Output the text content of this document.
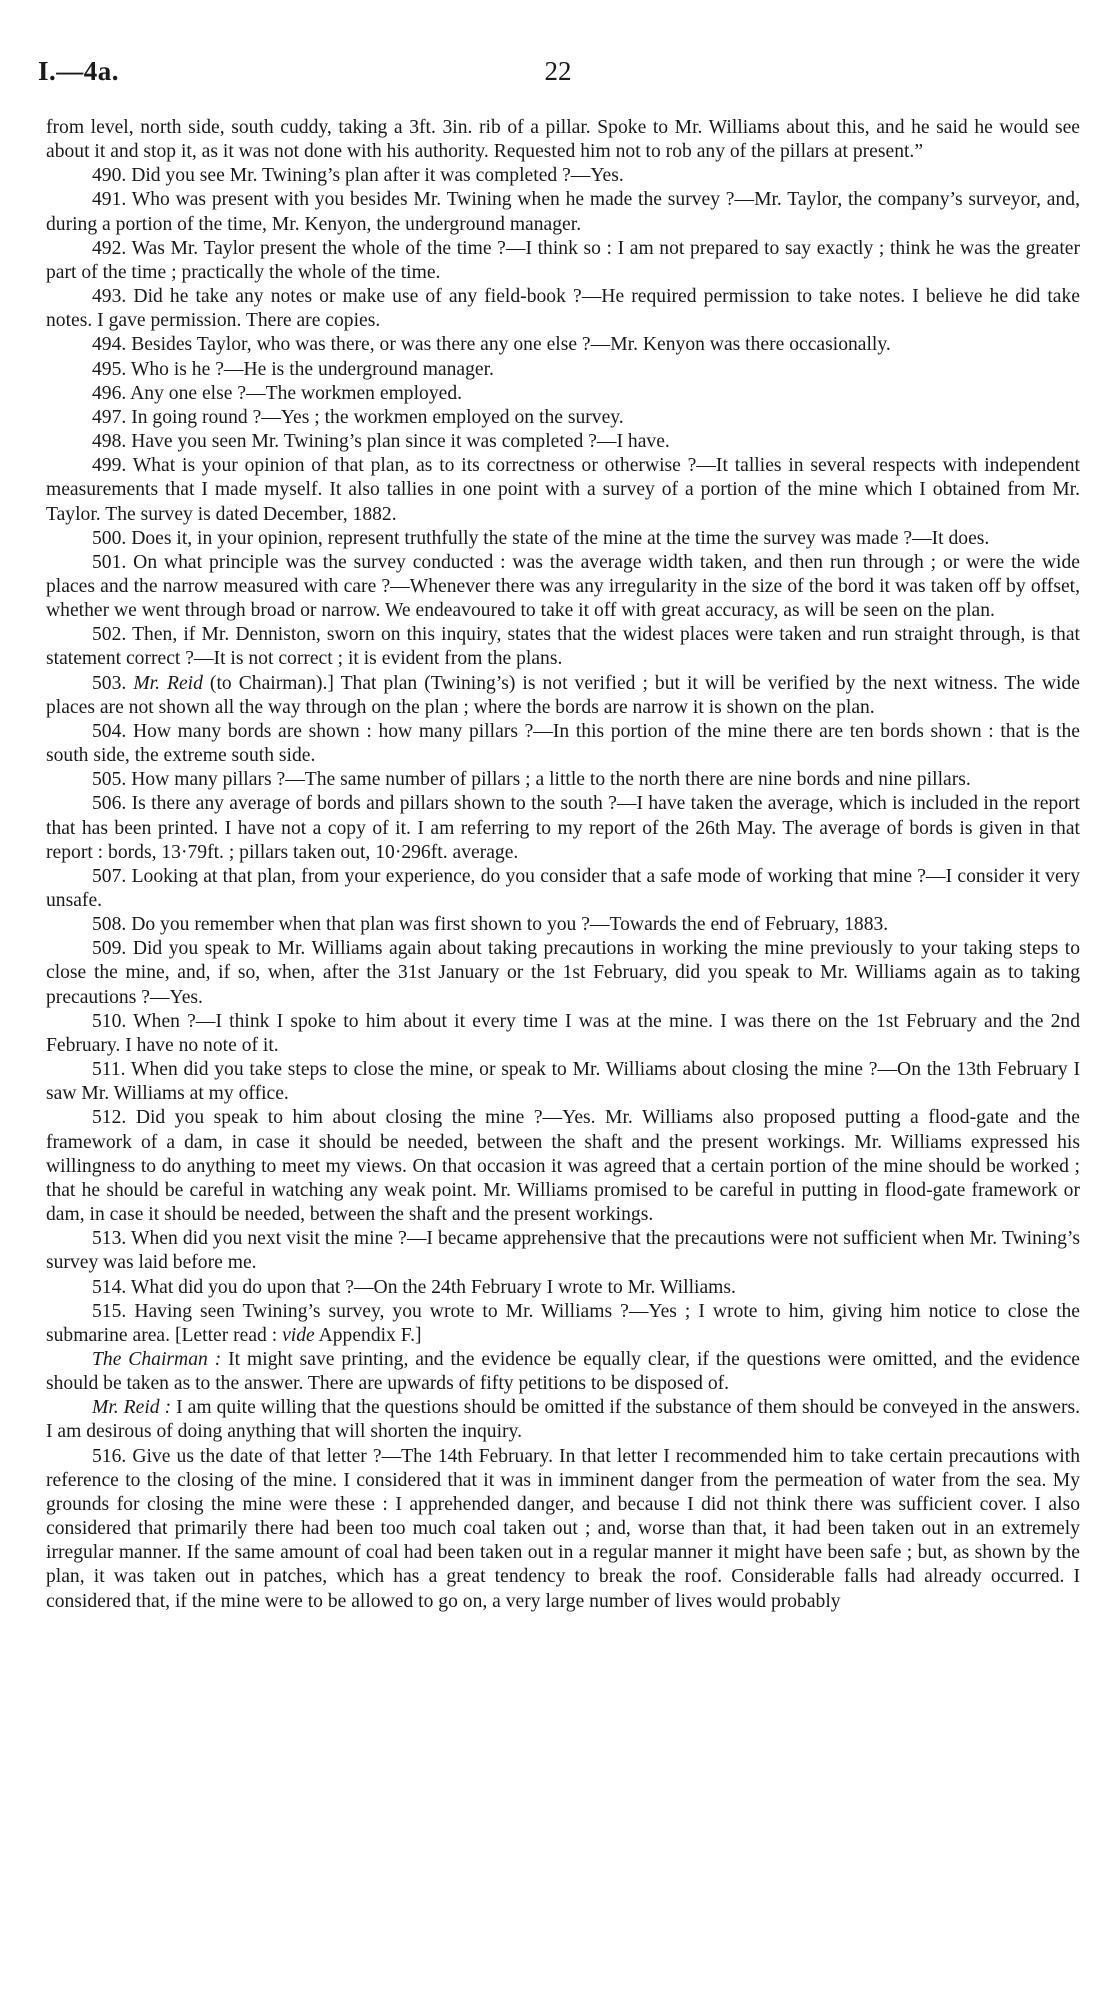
I.—4a.	22

from level, north side, south cuddy, taking a 3ft. 3in. rib of a pillar. Spoke to Mr. Williams about this, and he said he would see about it and stop it, as it was not done with his authority. Requested him not to rob any of the pillars at present.”

490. Did you see Mr. Twining’s plan after it was completed ?—Yes.

491. Who was present with you besides Mr. Twining when he made the survey ?—Mr. Taylor, the company’s surveyor, and, during a portion of the time, Mr. Kenyon, the underground manager.

492. Was Mr. Taylor present the whole of the time ?—I think so : I am not prepared to say exactly ; think he was the greater part of the time ; practically the whole of the time.

493. Did he take any notes or make use of any field-book ?—He required permission to take notes. I believe he did take notes. I gave permission. There are copies.

494. Besides Taylor, who was there, or was there any one else ?—Mr. Kenyon was there occasionally.

495. Who is he ?—He is the underground manager.

496. Any one else ?—The workmen employed.

497. In going round ?—Yes ; the workmen employed on the survey.

498. Have you seen Mr. Twining’s plan since it was completed ?—I have.

499. What is your opinion of that plan, as to its correctness or otherwise ?—It tallies in several respects with independent measurements that I made myself. It also tallies in one point with a survey of a portion of the mine which I obtained from Mr. Taylor. The survey is dated December, 1882.

500. Does it, in your opinion, represent truthfully the state of the mine at the time the survey was made ?—It does.

501. On what principle was the survey conducted : was the average width taken, and then run through ; or were the wide places and the narrow measured with care ?—Whenever there was any irregularity in the size of the bord it was taken off by offset, whether we went through broad or narrow. We endeavoured to take it off with great accuracy, as will be seen on the plan.

502. Then, if Mr. Denniston, sworn on this inquiry, states that the widest places were taken and run straight through, is that statement correct ?—It is not correct ; it is evident from the plans.

503. Mr. Reid (to Chairman).] That plan (Twining’s) is not verified ; but it will be verified by the next witness. The wide places are not shown all the way through on the plan ; where the bords are narrow it is shown on the plan.

504. How many bords are shown : how many pillars ?—In this portion of the mine there are ten bords shown : that is the south side, the extreme south side.

505. How many pillars ?—The same number of pillars ; a little to the north there are nine bords and nine pillars.

506. Is there any average of bords and pillars shown to the south ?—I have taken the average, which is included in the report that has been printed. I have not a copy of it. I am referring to my report of the 26th May. The average of bords is given in that report : bords, 13·79ft. ; pillars taken out, 10·296ft. average.

507. Looking at that plan, from your experience, do you consider that a safe mode of working that mine ?—I consider it very unsafe.

508. Do you remember when that plan was first shown to you ?—Towards the end of February, 1883.

509. Did you speak to Mr. Williams again about taking precautions in working the mine previously to your taking steps to close the mine, and, if so, when, after the 31st January or the 1st February, did you speak to Mr. Williams again as to taking precautions ?—Yes.

510. When ?—I think I spoke to him about it every time I was at the mine. I was there on the 1st February and the 2nd February. I have no note of it.

511. When did you take steps to close the mine, or speak to Mr. Williams about closing the mine ?—On the 13th February I saw Mr. Williams at my office.

512. Did you speak to him about closing the mine ?—Yes. Mr. Williams also proposed putting a flood-gate and the framework of a dam, in case it should be needed, between the shaft and the present workings. Mr. Williams expressed his willingness to do anything to meet my views. On that occasion it was agreed that a certain portion of the mine should be worked ; that he should be careful in watching any weak point. Mr. Williams promised to be careful in putting in flood-gate framework or dam, in case it should be needed, between the shaft and the present workings.

513. When did you next visit the mine ?—I became apprehensive that the precautions were not sufficient when Mr. Twining’s survey was laid before me.

514. What did you do upon that ?—On the 24th February I wrote to Mr. Williams.

515. Having seen Twining’s survey, you wrote to Mr. Williams ?—Yes ; I wrote to him, giving him notice to close the submarine area. [Letter read : vide Appendix F.]

The Chairman : It might save printing, and the evidence be equally clear, if the questions were omitted, and the evidence should be taken as to the answer. There are upwards of fifty petitions to be disposed of.

Mr. Reid : I am quite willing that the questions should be omitted if the substance of them should be conveyed in the answers. I am desirous of doing anything that will shorten the inquiry.

516. Give us the date of that letter ?—The 14th February. In that letter I recommended him to take certain precautions with reference to the closing of the mine. I considered that it was in imminent danger from the permeation of water from the sea. My grounds for closing the mine were these : I apprehended danger, and because I did not think there was sufficient cover. I also considered that primarily there had been too much coal taken out ; and, worse than that, it had been taken out in an extremely irregular manner. If the same amount of coal had been taken out in a regular manner it might have been safe ; but, as shown by the plan, it was taken out in patches, which has a great tendency to break the roof. Considerable falls had already occurred. I considered that, if the mine were to be allowed to go on, a very large number of lives would probably
